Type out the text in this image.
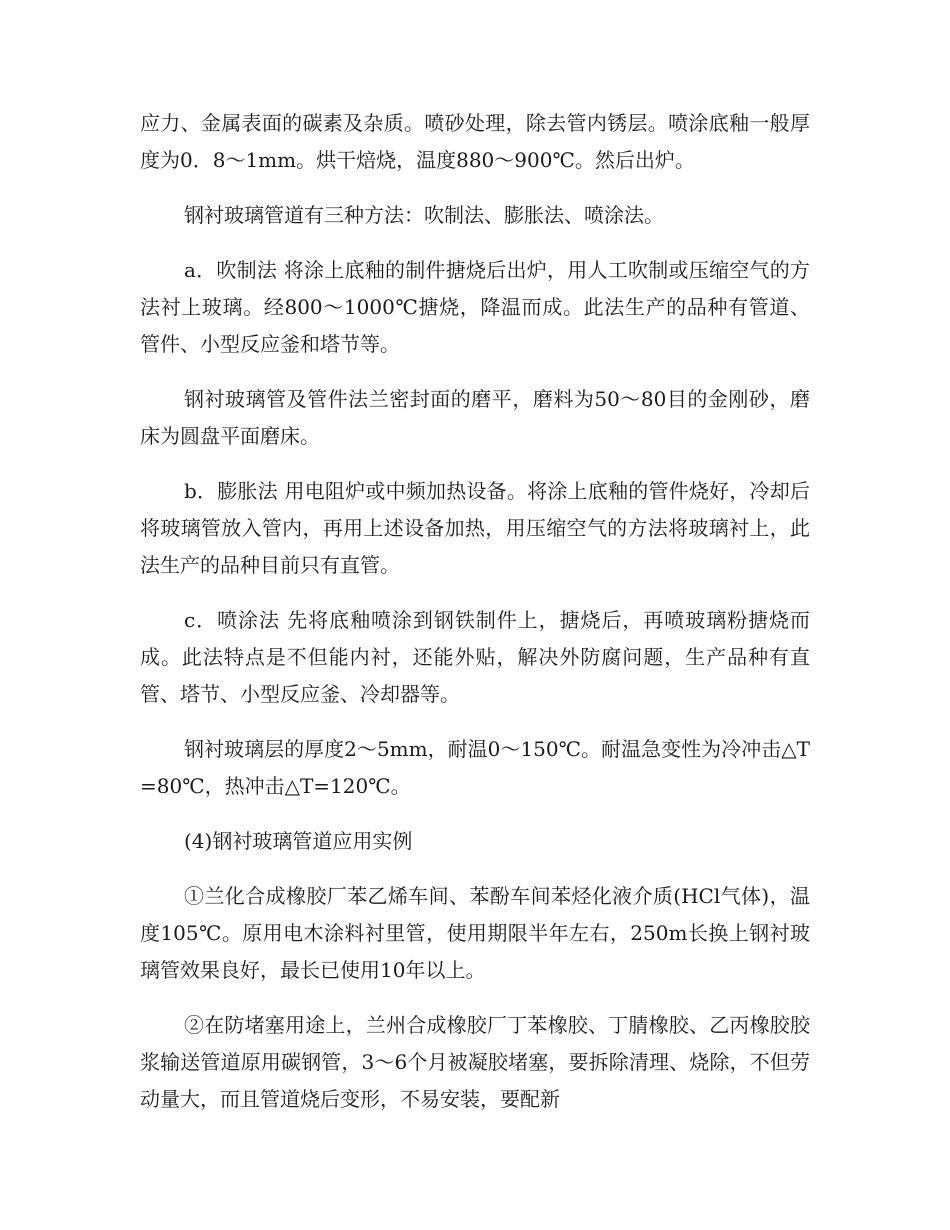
应力、金属表面的碳素及杂质。喷砂处理，除去管内锈层。喷涂底釉一般厚度为0．8～1mm。烘干焙烧，温度880～900℃。然后出炉。

钢衬玻璃管道有三种方法：吹制法、膨胀法、喷涂法。

a．吹制法 将涂上底釉的制件搪烧后出炉，用人工吹制或压缩空气的方法衬上玻璃。经800～1000℃搪烧，降温而成。此法生产的品种有管道、管件、小型反应釜和塔节等。

钢衬玻璃管及管件法兰密封面的磨平，磨料为50～80目的金刚砂，磨床为圆盘平面磨床。

b．膨胀法 用电阻炉或中频加热设备。将涂上底釉的管件烧好，冷却后将玻璃管放入管内，再用上述设备加热，用压缩空气的方法将玻璃衬上，此法生产的品种目前只有直管。

c．喷涂法 先将底釉喷涂到钢铁制件上，搪烧后，再喷玻璃粉搪烧而成。此法特点是不但能内衬，还能外贴，解决外防腐问题，生产品种有直管、塔节、小型反应釜、冷却器等。

钢衬玻璃层的厚度2～5mm，耐温0～150℃。耐温急变性为冷冲击△T=80℃，热冲击△T=120℃。

(4)钢衬玻璃管道应用实例

①兰化合成橡胶厂苯乙烯车间、苯酚车间苯烃化液介质(HCl气体)，温度105℃。原用电木涂料衬里管，使用期限半年左右，250m长换上钢衬玻璃管效果良好，最长已使用10年以上。

②在防堵塞用途上，兰州合成橡胶厂丁苯橡胶、丁腈橡胶、乙丙橡胶胶浆输送管道原用碳钢管，3～6个月被凝胶堵塞，要拆除清理、烧除，不但劳动量大，而且管道烧后变形，不易安装，要配新
